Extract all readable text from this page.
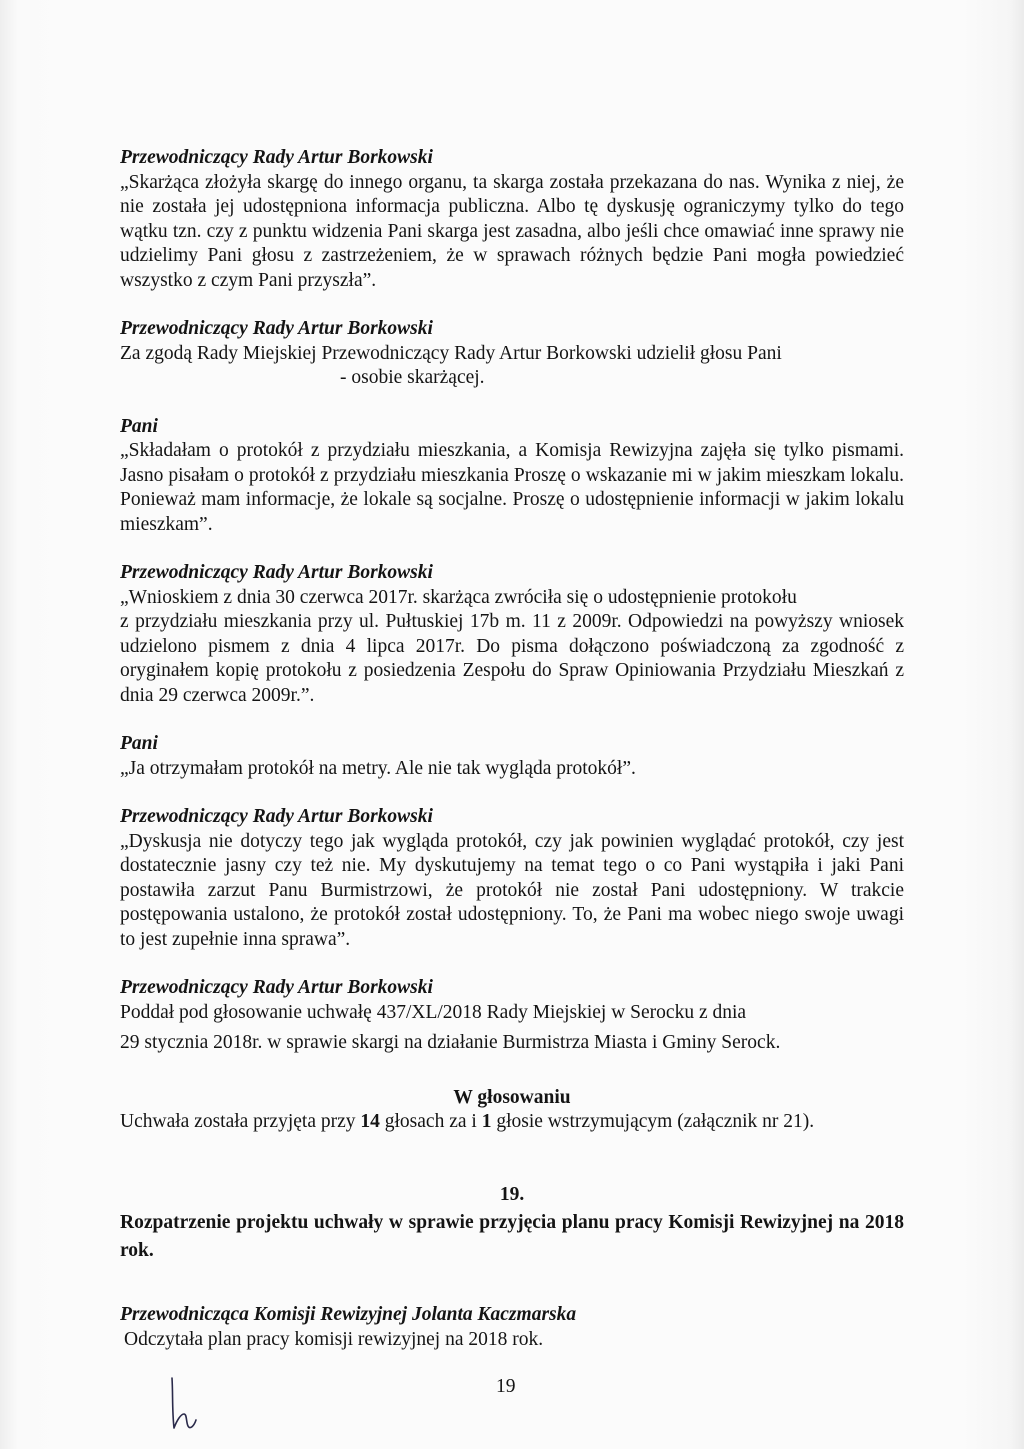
Przewodniczący Rady Artur Borkowski
„Skarżąca złożyła skargę do innego organu, ta skarga została przekazana do nas. Wynika z niej, że nie została jej udostępniona informacja publiczna. Albo tę dyskusję ograniczymy tylko do tego wątku tzn. czy z punktu widzenia Pani skarga jest zasadna, albo jeśli chce omawiać inne sprawy nie udzielimy Pani głosu z zastrzeżeniem, że w sprawach różnych będzie Pani mogła powiedzieć wszystko z czym Pani przyszła”.
Przewodniczący Rady Artur Borkowski
Za zgodą Rady Miejskiej Przewodniczący Rady Artur Borkowski udzielił głosu Pani
- osobie skarżącej.
Pani
„Składałam o protokół z przydziału mieszkania, a Komisja Rewizyjna zajęła się tylko pismami. Jasno pisałam o protokół z przydziału mieszkania Proszę o wskazanie mi w jakim mieszkam lokalu. Ponieważ mam informacje, że lokale są socjalne. Proszę o udostępnienie informacji w jakim lokalu mieszkam”.
Przewodniczący Rady Artur Borkowski
„Wnioskiem z dnia 30 czerwca 2017r. skarżąca zwróciła się o udostępnienie protokołu
z przydziału mieszkania przy ul. Pułtuskiej 17b m. 11 z 2009r. Odpowiedzi na powyższy wniosek udzielono pismem z dnia 4 lipca 2017r. Do pisma dołączono poświadczoną za zgodność z oryginałem kopię protokołu z posiedzenia Zespołu do Spraw Opiniowania Przydziału Mieszkań z dnia 29 czerwca 2009r.”.
Pani
„Ja otrzymałam protokół na metry. Ale nie tak wygląda protokół”.
Przewodniczący Rady Artur Borkowski
„Dyskusja nie dotyczy tego jak wygląda protokół, czy jak powinien wyglądać protokół, czy jest dostatecznie jasny czy też nie. My dyskutujemy na temat tego o co Pani wystąpiła i jaki Pani postawiła zarzut Panu Burmistrzowi, że protokół nie został Pani udostępniony. W trakcie postępowania ustalono, że protokół został udostępniony. To, że Pani ma wobec niego swoje uwagi to jest zupełnie inna sprawa”.
Przewodniczący Rady Artur Borkowski
Poddał pod głosowanie uchwałę 437/XL/2018 Rady Miejskiej w Serocku z dnia
29 stycznia 2018r. w sprawie skargi na działanie Burmistrza Miasta i Gminy Serock.
W głosowaniu
Uchwała została przyjęta przy 14 głosach za i 1 głosie wstrzymującym (załącznik nr 21).
19.
Rozpatrzenie projektu uchwały w sprawie przyjęcia planu pracy Komisji Rewizyjnej na 2018 rok.
Przewodnicząca Komisji Rewizyjnej Jolanta Kaczmarska
Odczytała plan pracy komisji rewizyjnej na 2018 rok.
19
